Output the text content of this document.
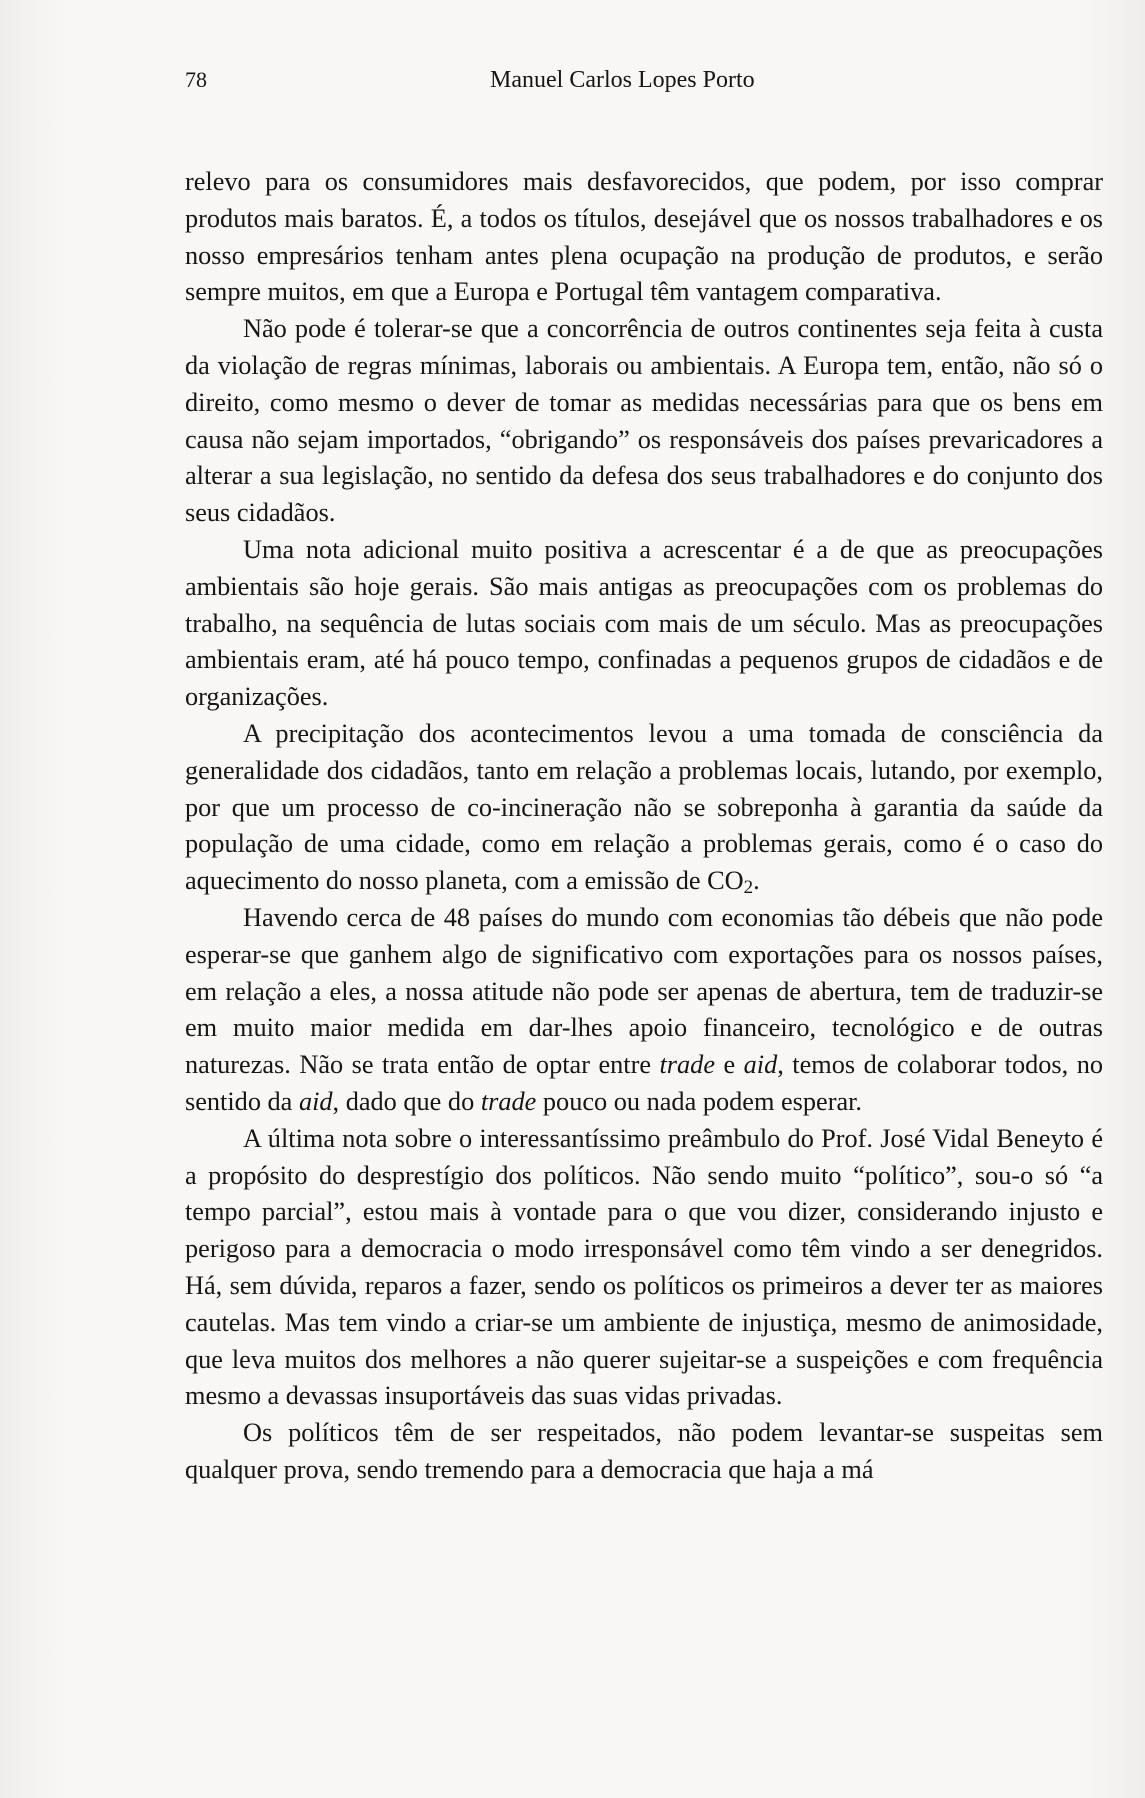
78	Manuel Carlos Lopes Porto

relevo para os consumidores mais desfavorecidos, que podem, por isso comprar produtos mais baratos. É, a todos os títulos, desejável que os nossos trabalhadores e os nosso empresários tenham antes plena ocupação na produção de produtos, e serão sempre muitos, em que a Europa e Portugal têm vantagem comparativa.

Não pode é tolerar-se que a concorrência de outros continentes seja feita à custa da violação de regras mínimas, laborais ou ambientais. A Europa tem, então, não só o direito, como mesmo o dever de tomar as medidas necessárias para que os bens em causa não sejam importados, “obrigando” os responsáveis dos países prevaricadores a alterar a sua legislação, no sentido da defesa dos seus trabalhadores e do conjunto dos seus cidadãos.

Uma nota adicional muito positiva a acrescentar é a de que as preocupações ambientais são hoje gerais. São mais antigas as preocupações com os problemas do trabalho, na sequência de lutas sociais com mais de um século. Mas as preocupações ambientais eram, até há pouco tempo, confinadas a pequenos grupos de cidadãos e de organizações.

A precipitação dos acontecimentos levou a uma tomada de consciência da generalidade dos cidadãos, tanto em relação a problemas locais, lutando, por exemplo, por que um processo de co-incineração não se sobreponha à garantia da saúde da população de uma cidade, como em relação a problemas gerais, como é o caso do aquecimento do nosso planeta, com a emissão de CO2.

Havendo cerca de 48 países do mundo com economias tão débeis que não pode esperar-se que ganhem algo de significativo com exportações para os nossos países, em relação a eles, a nossa atitude não pode ser apenas de abertura, tem de traduzir-se em muito maior medida em dar-lhes apoio financeiro, tecnológico e de outras naturezas. Não se trata então de optar entre trade e aid, temos de colaborar todos, no sentido da aid, dado que do trade pouco ou nada podem esperar.

A última nota sobre o interessantíssimo preâmbulo do Prof. José Vidal Beneyto é a propósito do desprestígio dos políticos. Não sendo muito “político”, sou-o só “a tempo parcial”, estou mais à vontade para o que vou dizer, considerando injusto e perigoso para a democracia o modo irresponsável como têm vindo a ser denegridos. Há, sem dúvida, reparos a fazer, sendo os políticos os primeiros a dever ter as maiores cautelas. Mas tem vindo a criar-se um ambiente de injustiça, mesmo de animosidade, que leva muitos dos melhores a não querer sujeitar-se a suspeições e com frequência mesmo a devassas insuportáveis das suas vidas privadas.

Os políticos têm de ser respeitados, não podem levantar-se suspeitas sem qualquer prova, sendo tremendo para a democracia que haja a má
